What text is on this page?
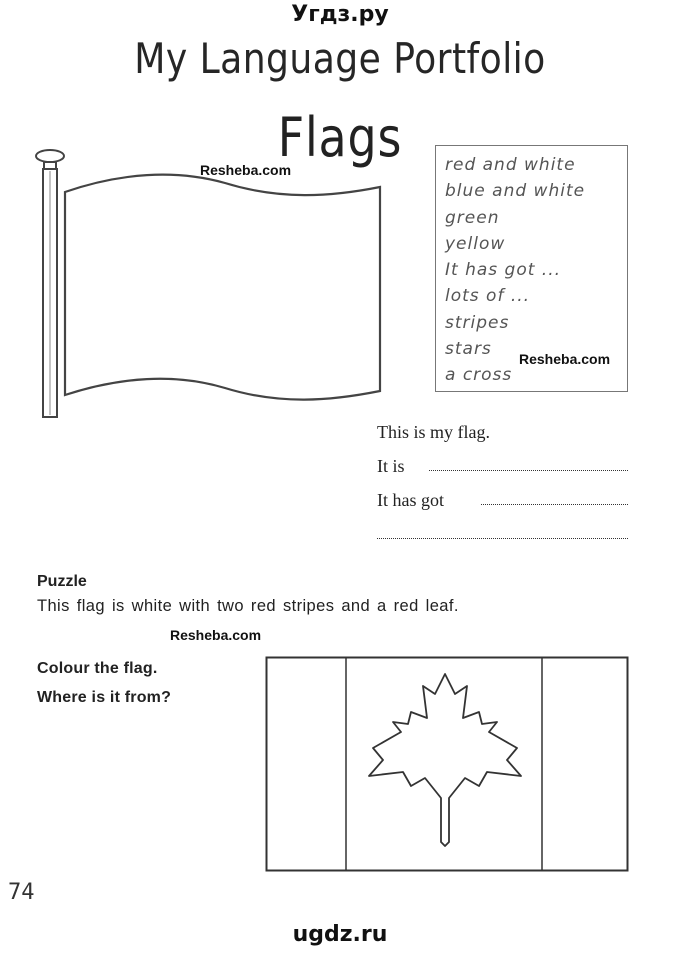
Угдз.ру
My Language Portfolio
Flags
Resheba.com	red and white
blue and white
green
yellow
It has got ...
lots of ...
stripes
stars
a cross
Resheba.com
This is my flag.
It is
It has got
Puzzle
This flag is white with two red stripes and a red leaf.
Resheba.com
Colour the flag.
Where is it from?
74
ugdz.ru
